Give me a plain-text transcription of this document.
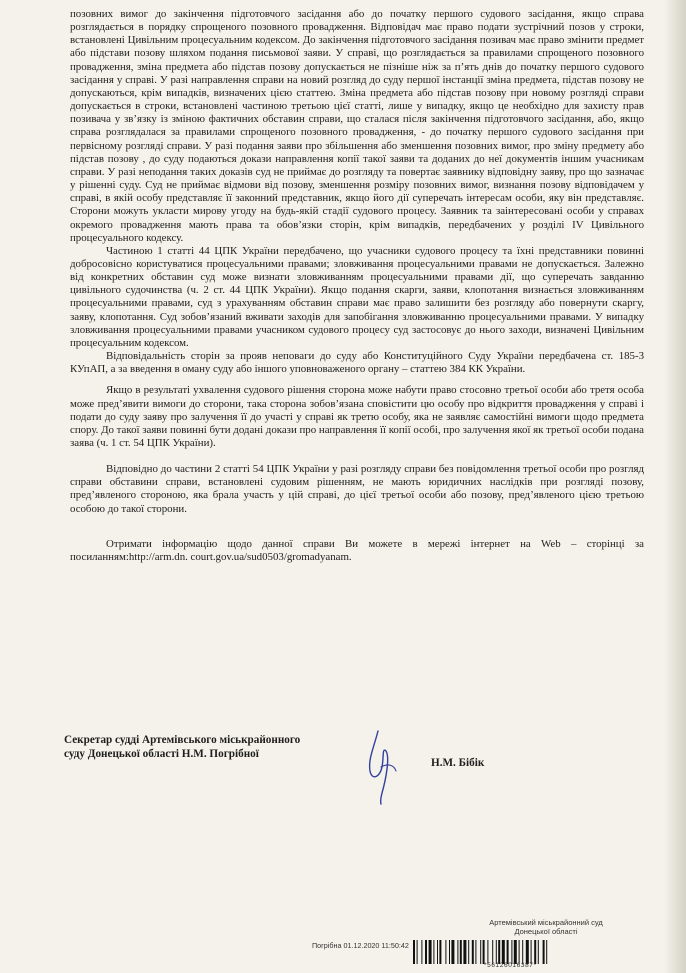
позовних вимог до закінчення підготовчого засідання або до початку першого судового засідання, якщо справа розглядається в порядку спрощеного позовного провадження. Відповідач має право подати зустрічний позов у строки, встановлені Цивільним процесуальним кодексом. До закінчення підготовчого засідання позивач має право змінити предмет або підстави позову шляхом подання письмової заяви. У справі, що розглядається за правилами спрощеного позовного провадження, зміна предмета або підстав позову допускається не пізніше ніж за п’ять днів до початку першого судового засідання у справі. У разі направлення справи на новий розгляд до суду першої інстанції зміна предмета, підстав позову не допускаються, крім випадків, визначених цією статтею. Зміна предмета або підстав позову при новому розгляді справи допускається в строки, встановлені частиною третьою цієї статті, лише у випадку, якщо це необхідно для захисту прав позивача у зв’язку із зміною фактичних обставин справи, що сталася після закінчення підготовчого засідання, або, якщо справа розглядалася за правилами спрощеного позовного провадження, - до початку першого судового засідання при первісному розгляді справи. У разі подання заяви про збільшення або зменшення позовних вимог, про зміну предмету або підстав позову , до суду подаються докази направлення копії такої заяви та доданих до неї документів іншим учасникам справи. У разі неподання таких доказів суд не приймає до розгляду та повертає заявнику відповідну заяву, про що зазначає у рішенні суду. Суд не приймає відмови від позову, зменшення розміру позовних вимог, визнання позову відповідачем у справі, в якій особу представляє її законний представник, якщо його дії суперечать інтересам особи, яку він представляє. Сторони можуть укласти мирову угоду на будь-якій стадії судового процесу. Заявник та заінтересовані особи у справах окремого провадження мають права та обов’язки сторін, крім випадків, передбачених у розділі IV Цивільного процесуального кодексу.

Частиною 1 статті 44 ЦПК України передбачено, що учасники судового процесу та їхні представники повинні добросовісно користуватися процесуальними правами; зловживання процесуальними правами не допускається. Залежно від конкретних обставин суд може визнати зловживанням процесуальними правами дії, що суперечать завданню цивільного судочинства (ч. 2 ст. 44 ЦПК України). Якщо подання скарги, заяви, клопотання визнається зловживанням процесуальними правами, суд з урахуванням обставин справи має право залишити без розгляду або повернути скаргу, заяву, клопотання. Суд зобов’язаний вживати заходів для запобігання зловживанню процесуальними правами. У випадку зловживання процесуальними правами учасником судового процесу суд застосовує до нього заходи, визначені Цивільним процесуальним кодексом.

Відповідальність сторін за прояв неповаги до суду або Конституційного Суду України передбачена ст. 185-3 КУпАП, а за введення в оману суду або іншого уповноваженого органу – статтею 384 КК України.

Якщо в результаті ухвалення судового рішення сторона може набути право стосовно третьої особи або третя особа може пред’явити вимоги до сторони, така сторона зобов’язана сповістити цю особу про відкриття провадження у справі і подати до суду заяву про залучення її до участі у справі як третю особу, яка не заявляє самостійні вимоги щодо предмета спору. До такої заяви повинні бути додані докази про направлення її копії особі, про залучення якої як третьої особи подана заява (ч. 1 ст. 54 ЦПК України).

Відповідно до частини 2 статті 54 ЦПК України у разі розгляду справи без повідомлення третьої особи про розгляд справи обставини справи, встановлені судовим рішенням, не мають юридичних наслідків при розгляді позову, пред’явленого стороною, яка брала участь у цій справі, до цієї третьої особи або позову, пред’явленого цією третьою особою до такої сторони.

Отримати інформацію щодо данної справи Ви можете в мережі інтернет на Web – сторінці за посиланням:http://arm.dn. court.gov.ua/sud0503/gromadyanam.

Секретар судді Артемівського міськрайонного
суду Донецької області Н.М. Погрібної
Н.М. Бібік
Артемівський міськрайонний суд
Донецької області
Погрібна 01.12.2020 11:50:42
*56126016387*
